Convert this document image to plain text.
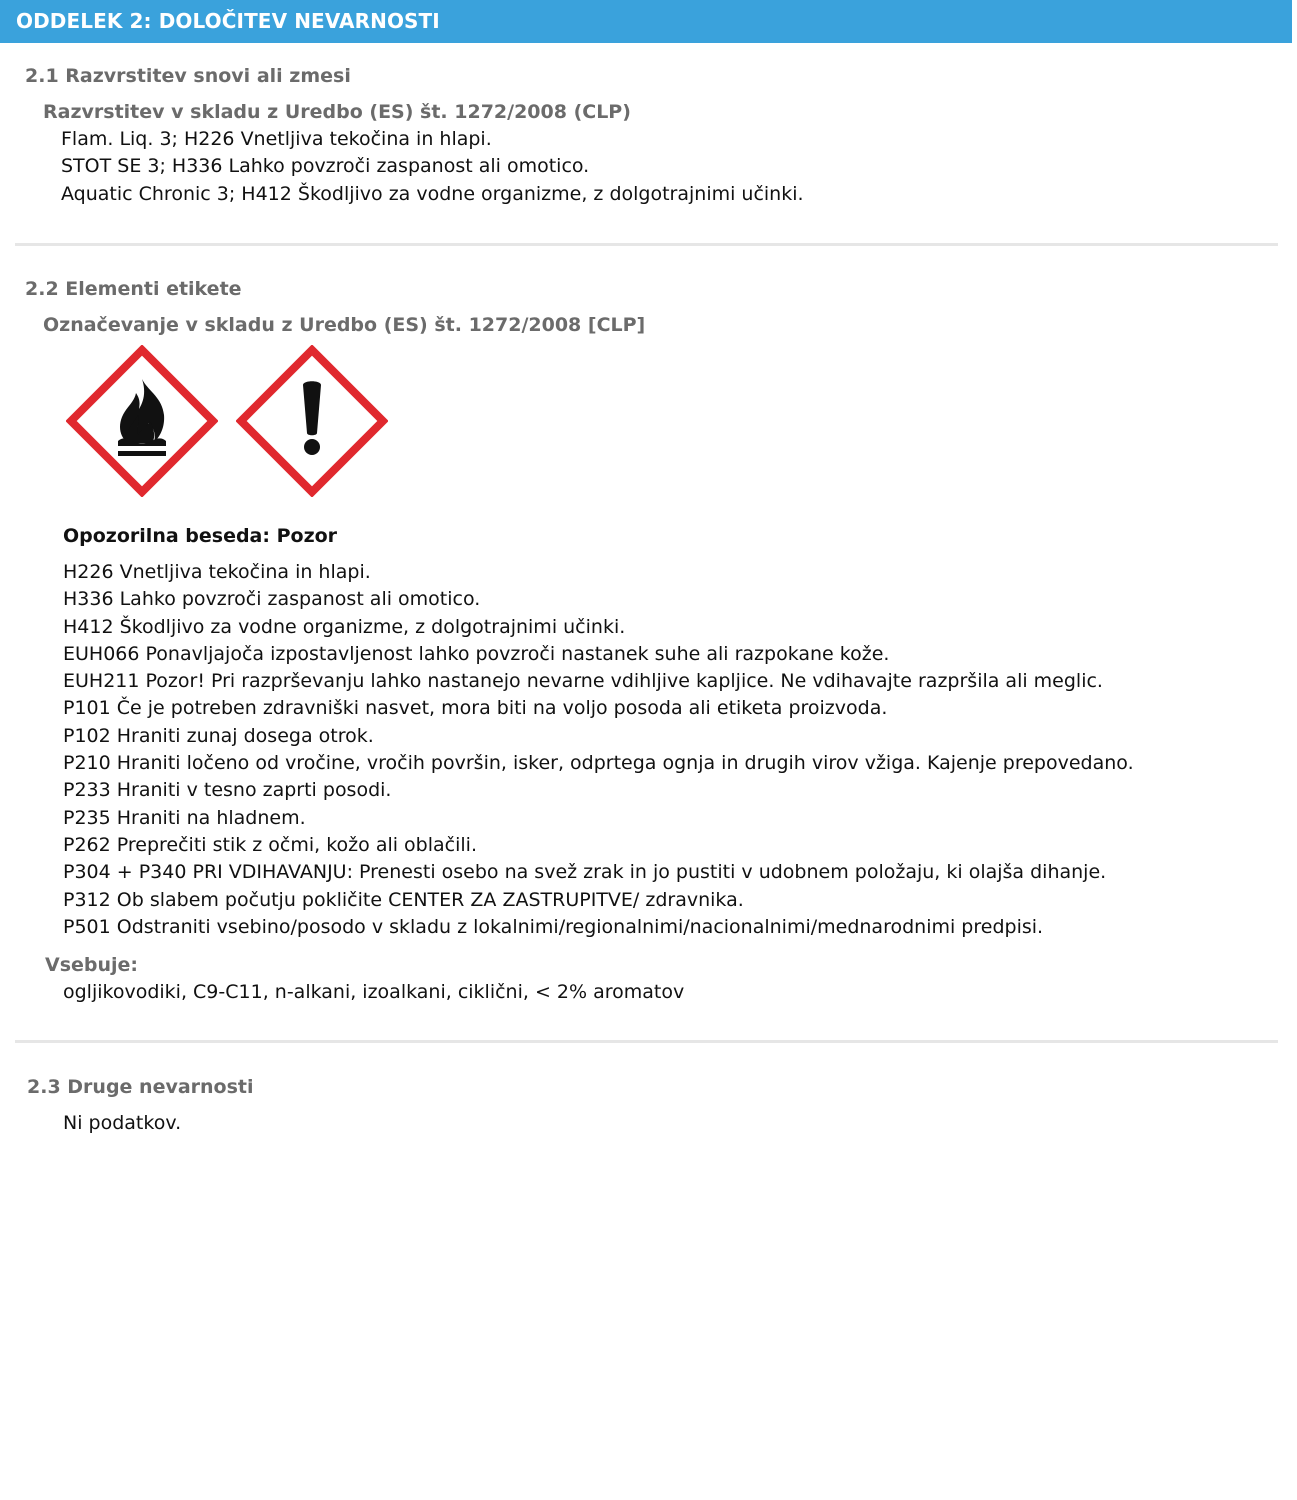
ODDELEK 2: DOLOČITEV NEVARNOSTI
2.1 Razvrstitev snovi ali zmesi
Razvrstitev v skladu z Uredbo (ES) št. 1272/2008 (CLP)
Flam. Liq. 3; H226 Vnetljiva tekočina in hlapi.
STOT SE 3; H336 Lahko povzroči zaspanost ali omotico.
Aquatic Chronic 3; H412 Škodljivo za vodne organizme, z dolgotrajnimi učinki.
2.2 Elementi etikete
Označevanje v skladu z Uredbo (ES) št. 1272/2008 [CLP]
Opozorilna beseda: Pozor
H226 Vnetljiva tekočina in hlapi.
H336 Lahko povzroči zaspanost ali omotico.
H412 Škodljivo za vodne organizme, z dolgotrajnimi učinki.
EUH066 Ponavljajoča izpostavljenost lahko povzroči nastanek suhe ali razpokane kože.
EUH211 Pozor! Pri razprševanju lahko nastanejo nevarne vdihljive kapljice. Ne vdihavajte razpršila ali meglic.
P101 Če je potreben zdravniški nasvet, mora biti na voljo posoda ali etiketa proizvoda.
P102 Hraniti zunaj dosega otrok.
P210 Hraniti ločeno od vročine, vročih površin, isker, odprtega ognja in drugih virov vžiga. Kajenje prepovedano.
P233 Hraniti v tesno zaprti posodi.
P235 Hraniti na hladnem.
P262 Preprečiti stik z očmi, kožo ali oblačili.
P304 + P340 PRI VDIHAVANJU: Prenesti osebo na svež zrak in jo pustiti v udobnem položaju, ki olajša dihanje.
P312 Ob slabem počutju pokličite CENTER ZA ZASTRUPITVE/ zdravnika.
P501 Odstraniti vsebino/posodo v skladu z lokalnimi/regionalnimi/nacionalnimi/mednarodnimi predpisi.
Vsebuje:
ogljikovodiki, C9-C11, n-alkani, izoalkani, ciklični, < 2% aromatov
2.3 Druge nevarnosti
Ni podatkov.
